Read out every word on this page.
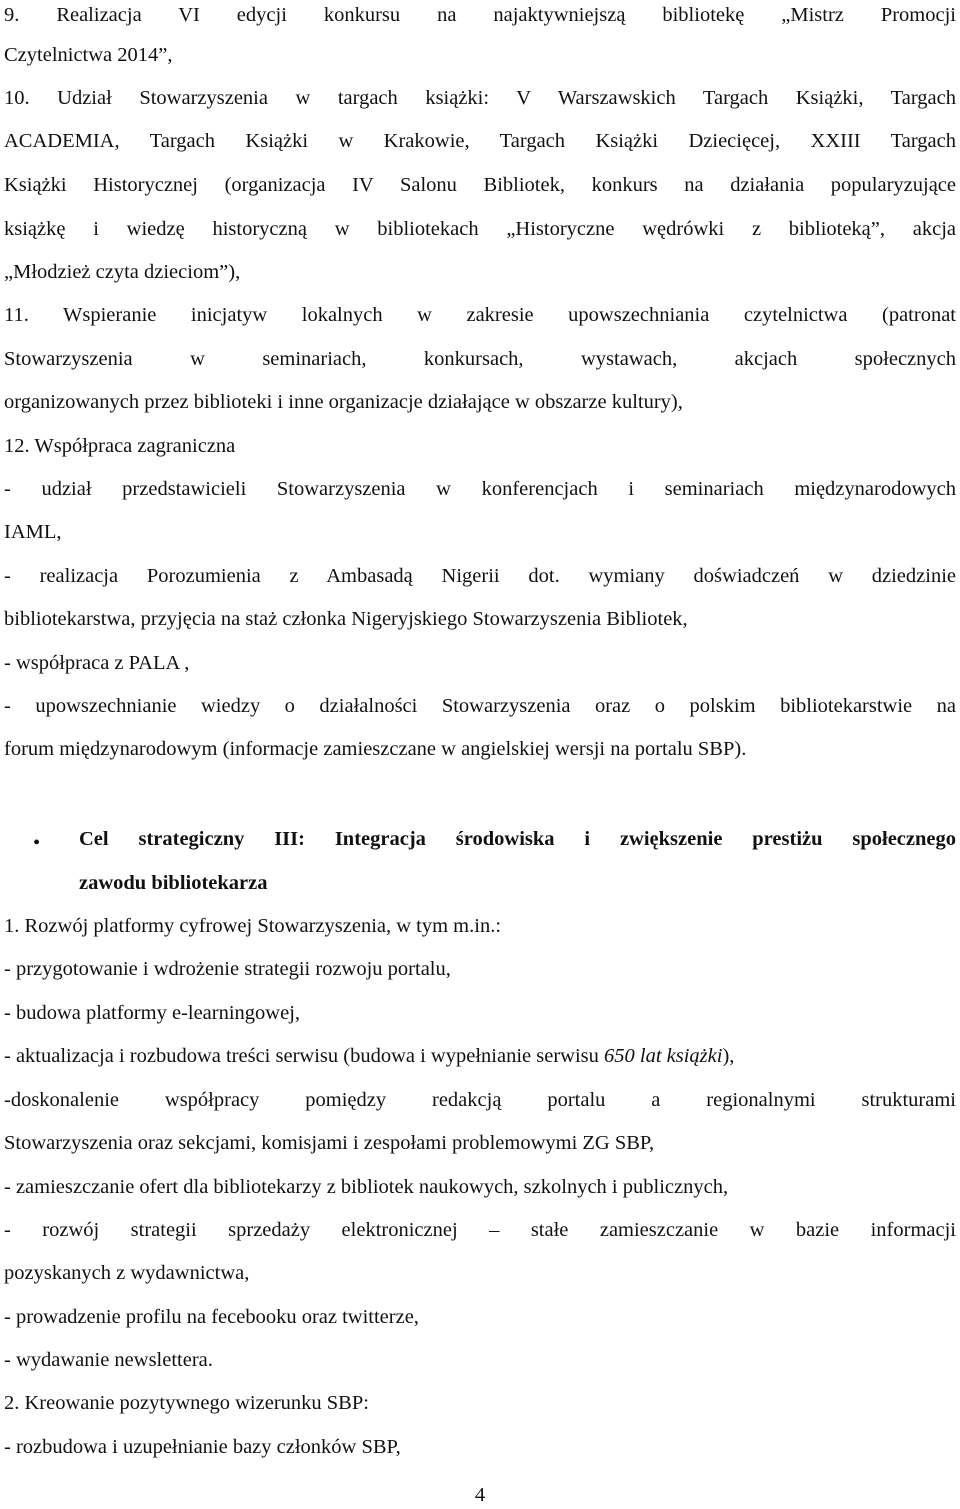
9. Realizacja VI edycji konkursu na najaktywniejszą bibliotekę „Mistrz Promocji
Czytelnictwa 2014”,
10. Udział Stowarzyszenia w targach książki: V Warszawskich Targach Książki, Targach
ACADEMIA, Targach Książki w Krakowie, Targach Książki Dziecięcej, XXIII Targach
Książki Historycznej (organizacja IV Salonu Bibliotek, konkurs na działania popularyzujące
książkę i wiedzę historyczną w bibliotekach „Historyczne wędrówki z biblioteką”, akcja
„Młodzież czyta dzieciom”),
11. Wspieranie inicjatyw lokalnych w zakresie upowszechniania czytelnictwa (patronat
Stowarzyszenia w seminariach, konkursach, wystawach, akcjach społecznych
organizowanych przez biblioteki i inne organizacje działające w obszarze kultury),
12. Współpraca zagraniczna
- udział przedstawicieli Stowarzyszenia w konferencjach i seminariach międzynarodowych
IAML,
- realizacja Porozumienia z Ambasadą Nigerii dot. wymiany doświadczeń w dziedzinie
bibliotekarstwa, przyjęcia na staż członka Nigeryjskiego Stowarzyszenia Bibliotek,
- współpraca z PALA ,
- upowszechnianie wiedzy o działalności Stowarzyszenia oraz o polskim bibliotekarstwie na
forum międzynarodowym (informacje zamieszczane w angielskiej wersji na portalu SBP).
•	Cel strategiczny III: Integracja środowiska i zwiększenie prestiżu społecznego
zawodu bibliotekarza
1. Rozwój platformy cyfrowej Stowarzyszenia, w tym m.in.:
- przygotowanie i wdrożenie strategii rozwoju portalu,
- budowa platformy e-learningowej,
- aktualizacja i rozbudowa treści serwisu (budowa i wypełnianie serwisu 650 lat książki),
-doskonalenie współpracy pomiędzy redakcją portalu a regionalnymi strukturami
Stowarzyszenia oraz sekcjami, komisjami i zespołami problemowymi ZG SBP,
- zamieszczanie ofert dla bibliotekarzy z bibliotek naukowych, szkolnych i publicznych,
- rozwój strategii sprzedaży elektronicznej – stałe zamieszczanie w bazie informacji
pozyskanych z wydawnictwa,
- prowadzenie profilu na fecebooku oraz twitterze,
- wydawanie newslettera.
2. Kreowanie pozytywnego wizerunku SBP:
- rozbudowa i uzupełnianie bazy członków SBP,
4
